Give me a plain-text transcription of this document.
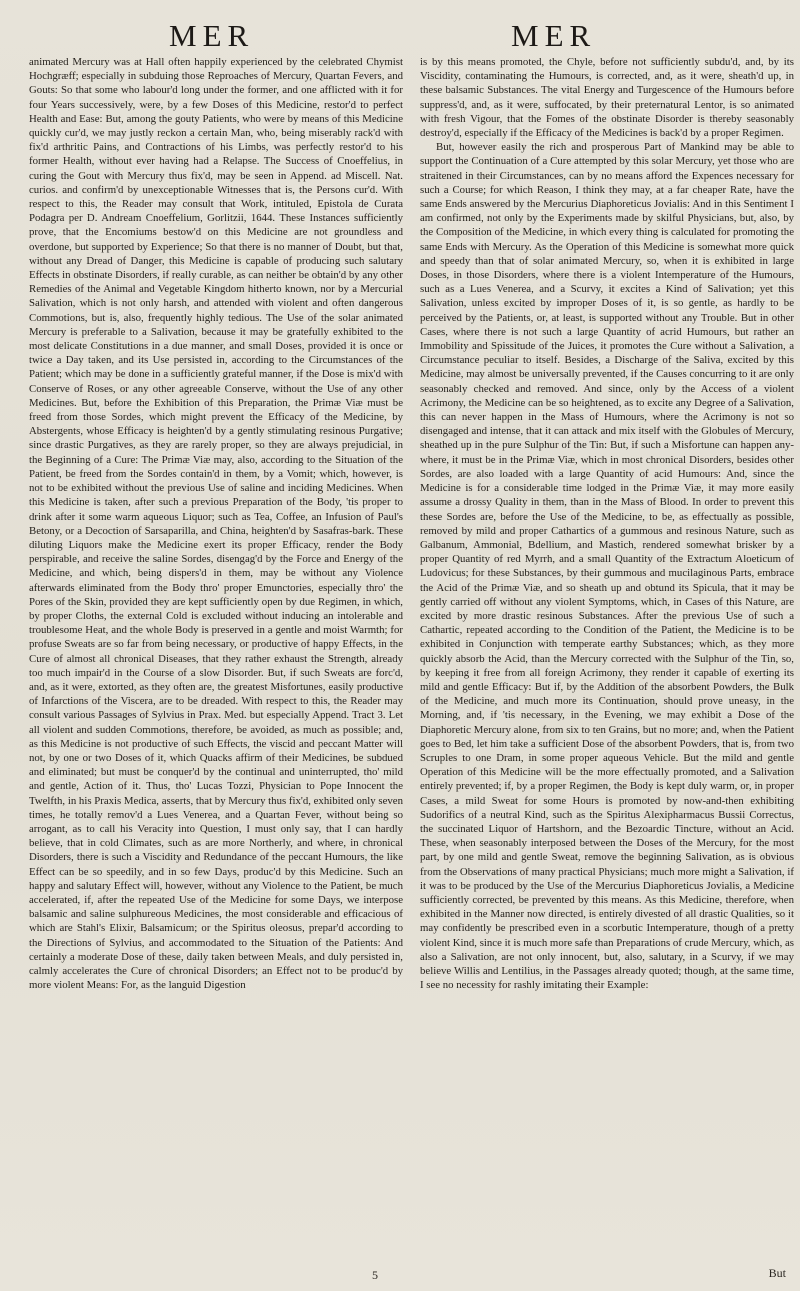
MER	MER

animated Mercury was at Hall often happily experienced by the celebrated Chymist Hochgræff; especially in subduing those Reproaches of Mercury, Quartan Fevers, and Gouts: So that some who labour'd long under the former, and one afflicted with it for four Years successively, were, by a few Doses of this Medicine, restor'd to perfect Health and Ease: But, among the gouty Patients, who were by means of this Medicine quickly cur'd, we may justly reckon a certain Man, who, being miserably rack'd with fix'd arthritic Pains, and Contractions of his Limbs, was perfectly restor'd to his former Health, without ever having had a Relapse. The Success of Cnoeffelius, in curing the Gout with Mercury thus fix'd, may be seen in Append. ad Miscell. Nat. curios. and confirm'd by unexceptionable Witnesses that is, the Persons cur'd. With respect to this, the Reader may consult that Work, intituled, Epistola de Curata Podagra per D. Andream Cnoeffelium, Gorlitzii, 1644. These Instances sufficiently prove, that the Encomiums bestow'd on this Medicine are not groundless and overdone, but supported by Experience; So that there is no manner of Doubt, but that, without any Dread of Danger, this Medicine is capable of producing such salutary Effects in obstinate Disorders, if really curable, as can neither be obtain'd by any other Remedies of the Animal and Vegetable Kingdom hitherto known, nor by a Mercurial Salivation, which is not only harsh, and attended with violent and often dangerous Commotions, but is, also, frequently highly tedious. The Use of the solar animated Mercury is preferable to a Salivation, because it may be gratefully exhibited to the most delicate Constitutions in a due manner, and small Doses, provided it is once or twice a Day taken, and its Use persisted in, according to the Circumstances of the Patient; which may be done in a sufficiently grateful manner, if the Dose is mix'd with Conserve of Roses, or any other agreeable Conserve, without the Use of any other Medicines. But, before the Exhibition of this Preparation, the Primæ Viæ must be freed from those Sordes, which might prevent the Efficacy of the Medicine, by Abstergents, whose Efficacy is heighten'd by a gently stimulating resinous Purgative; since drastic Purgatives, as they are rarely proper, so they are always prejudicial, in the Beginning of a Cure: The Primæ Viæ may, also, according to the Situation of the Patient, be freed from the Sordes contain'd in them, by a Vomit; which, however, is not to be exhibited without the previous Use of saline and inciding Medicines. When this Medicine is taken, after such a previous Preparation of the Body, 'tis proper to drink after it some warm aqueous Liquor; such as Tea, Coffee, an Infusion of Paul's Betony, or a Decoction of Sarsaparilla, and China, heighten'd by Sasafras-bark. These diluting Liquors make the Medicine exert its proper Efficacy, render the Body perspirable, and receive the saline Sordes, disengag'd by the Force and Energy of the Medicine, and which, being dispers'd in them, may be without any Violence afterwards eliminated from the Body thro' proper Emunctories, especially thro' the Pores of the Skin, provided they are kept sufficiently open by due Regimen, in which, by proper Cloths, the external Cold is excluded without inducing an intolerable and troublesome Heat, and the whole Body is preserved in a gentle and moist Warmth; for profuse Sweats are so far from being necessary, or productive of happy Effects, in the Cure of almost all chronical Diseases, that they rather exhaust the Strength, already too much impair'd in the Course of a slow Disorder. But, if such Sweats are forc'd, and, as it were, extorted, as they often are, the greatest Misfortunes, easily productive of Infarctions of the Viscera, are to be dreaded. With respect to this, the Reader may consult various Passages of Sylvius in Prax. Med. but especially Append. Tract 3. Let all violent and sudden Commotions, therefore, be avoided, as much as possible; and, as this Medicine is not productive of such Effects, the viscid and peccant Matter will not, by one or two Doses of it, which Quacks affirm of their Medicines, be subdued and eliminated; but must be conquer'd by the continual and uninterrupted, tho' mild and gentle, Action of it. Thus, tho' Lucas Tozzi, Physician to Pope Innocent the Twelfth, in his Praxis Medica, asserts, that by Mercury thus fix'd, exhibited only seven times, he totally remov'd a Lues Venerea, and a Quartan Fever, without being so arrogant, as to call his Veracity into Question, I must only say, that I can hardly believe, that in cold Climates, such as are more Northerly, and where, in chronical Disorders, there is such a Viscidity and Redundance of the peccant Humours, the like Effect can be so speedily, and in so few Days, produc'd by this Medicine. Such an happy and salutary Effect will, however, without any Violence to the Patient, be much accelerated, if, after the repeated Use of the Medicine for some Days, we interpose balsamic and saline sulphureous Medicines, the most considerable and efficacious of which are Stahl's Elixir, Balsamicum; or the Spiritus oleosus, prepar'd according to the Directions of Sylvius, and accommodated to the Situation of the Patients: And certainly a moderate Dose of these, daily taken between Meals, and duly persisted in, calmly accelerates the Cure of chronical Disorders; an Effect not to be produc'd by more violent Means: For, as the languid Digestion

is by this means promoted, the Chyle, before not sufficiently subdu'd, and, by its Viscidity, contaminating the Humours, is corrected, and, as it were, sheath'd up, in these balsamic Substances. The vital Energy and Turgescence of the Humours before suppress'd, and, as it were, suffocated, by their preternatural Lentor, is so animated with fresh Vigour, that the Fomes of the obstinate Disorder is thereby seasonably destroy'd, especially if the Efficacy of the Medicines is back'd by a proper Regimen.

But, however easily the rich and prosperous Part of Mankind may be able to support the Continuation of a Cure attempted by this solar Mercury, yet those who are straitened in their Circumstances, can by no means afford the Expences necessary for such a Course; for which Reason, I think they may, at a far cheaper Rate, have the same Ends answered by the Mercurius Diaphoreticus Jovialis: And in this Sentiment I am confirmed, not only by the Experiments made by skilful Physicians, but, also, by the Composition of the Medicine, in which every thing is calculated for promoting the same Ends with Mercury. As the Operation of this Medicine is somewhat more quick and speedy than that of solar animated Mercury, so, when it is exhibited in large Doses, in those Disorders, where there is a violent Intemperature of the Humours, such as a Lues Venerea, and a Scurvy, it excites a Kind of Salivation; yet this Salivation, unless excited by improper Doses of it, is so gentle, as hardly to be perceived by the Patients, or, at least, is supported without any Trouble. But in other Cases, where there is not such a large Quantity of acrid Humours, but rather an Immobility and Spissitude of the Juices, it promotes the Cure without a Salivation, a Circumstance peculiar to itself. Besides, a Discharge of the Saliva, excited by this Medicine, may almost be universally prevented, if the Causes concurring to it are only seasonably checked and removed. And since, only by the Access of a violent Acrimony, the Medicine can be so heightened, as to excite any Degree of a Salivation, this can never happen in the Mass of Humours, where the Acrimony is not so disengaged and intense, that it can attack and mix itself with the Globules of Mercury, sheathed up in the pure Sulphur of the Tin: But, if such a Misfortune can happen any-where, it must be in the Primæ Viæ, which in most chronical Disorders, besides other Sordes, are also loaded with a large Quantity of acid Humours: And, since the Medicine is for a considerable time lodged in the Primæ Viæ, it may more easily assume a drossy Quality in them, than in the Mass of Blood. In order to prevent this these Sordes are, before the Use of the Medicine, to be, as effectually as possible, removed by mild and proper Cathartics of a gummous and resinous Nature, such as Galbanum, Ammonial, Bdellium, and Mastich, rendered somewhat brisker by a proper Quantity of red Myrrh, and a small Quantity of the Extractum Aloeticum of Ludovicus; for these Substances, by their gummous and mucilaginous Parts, embrace the Acid of the Primæ Viæ, and so sheath up and obtund its Spicula, that it may be gently carried off without any violent Symptoms, which, in Cases of this Nature, are excited by more drastic resinous Substances. After the previous Use of such a Cathartic, repeated according to the Condition of the Patient, the Medicine is to be exhibited in Conjunction with temperate earthy Substances; which, as they more quickly absorb the Acid, than the Mercury corrected with the Sulphur of the Tin, so, by keeping it free from all foreign Acrimony, they render it capable of exerting its mild and gentle Efficacy: But if, by the Addition of the absorbent Powders, the Bulk of the Medicine, and much more its Continuation, should prove uneasy, in the Morning, and, if 'tis necessary, in the Evening, we may exhibit a Dose of the Diaphoretic Mercury alone, from six to ten Grains, but no more; and, when the Patient goes to Bed, let him take a sufficient Dose of the absorbent Powders, that is, from two Scruples to one Dram, in some proper aqueous Vehicle. But the mild and gentle Operation of this Medicine will be the more effectually promoted, and a Salivation entirely prevented; if, by a proper Regimen, the Body is kept duly warm, or, in proper Cases, a mild Sweat for some Hours is promoted by now-and-then exhibiting Sudorifics of a neutral Kind, such as the Spiritus Alexipharmacus Bussii Correctus, the succinated Liquor of Hartshorn, and the Bezoardic Tincture, without an Acid. These, when seasonably interposed between the Doses of the Mercury, for the most part, by one mild and gentle Sweat, remove the beginning Salivation, as is obvious from the Observations of many practical Physicians; much more might a Salivation, if it was to be produced by the Use of the Mercurius Diaphoreticus Jovialis, a Medicine sufficiently corrected, be prevented by this means. As this Medicine, therefore, when exhibited in the Manner now directed, is entirely divested of all drastic Qualities, so it may confidently be prescribed even in a scorbutic Intemperature, though of a pretty violent Kind, since it is much more safe than Preparations of crude Mercury, which, as also a Salivation, are not only innocent, but, also, salutary, in a Scurvy, if we may believe Willis and Lentilius, in the Passages already quoted; though, at the same time, I see no necessity for rashly imitating their Example:

5	But
